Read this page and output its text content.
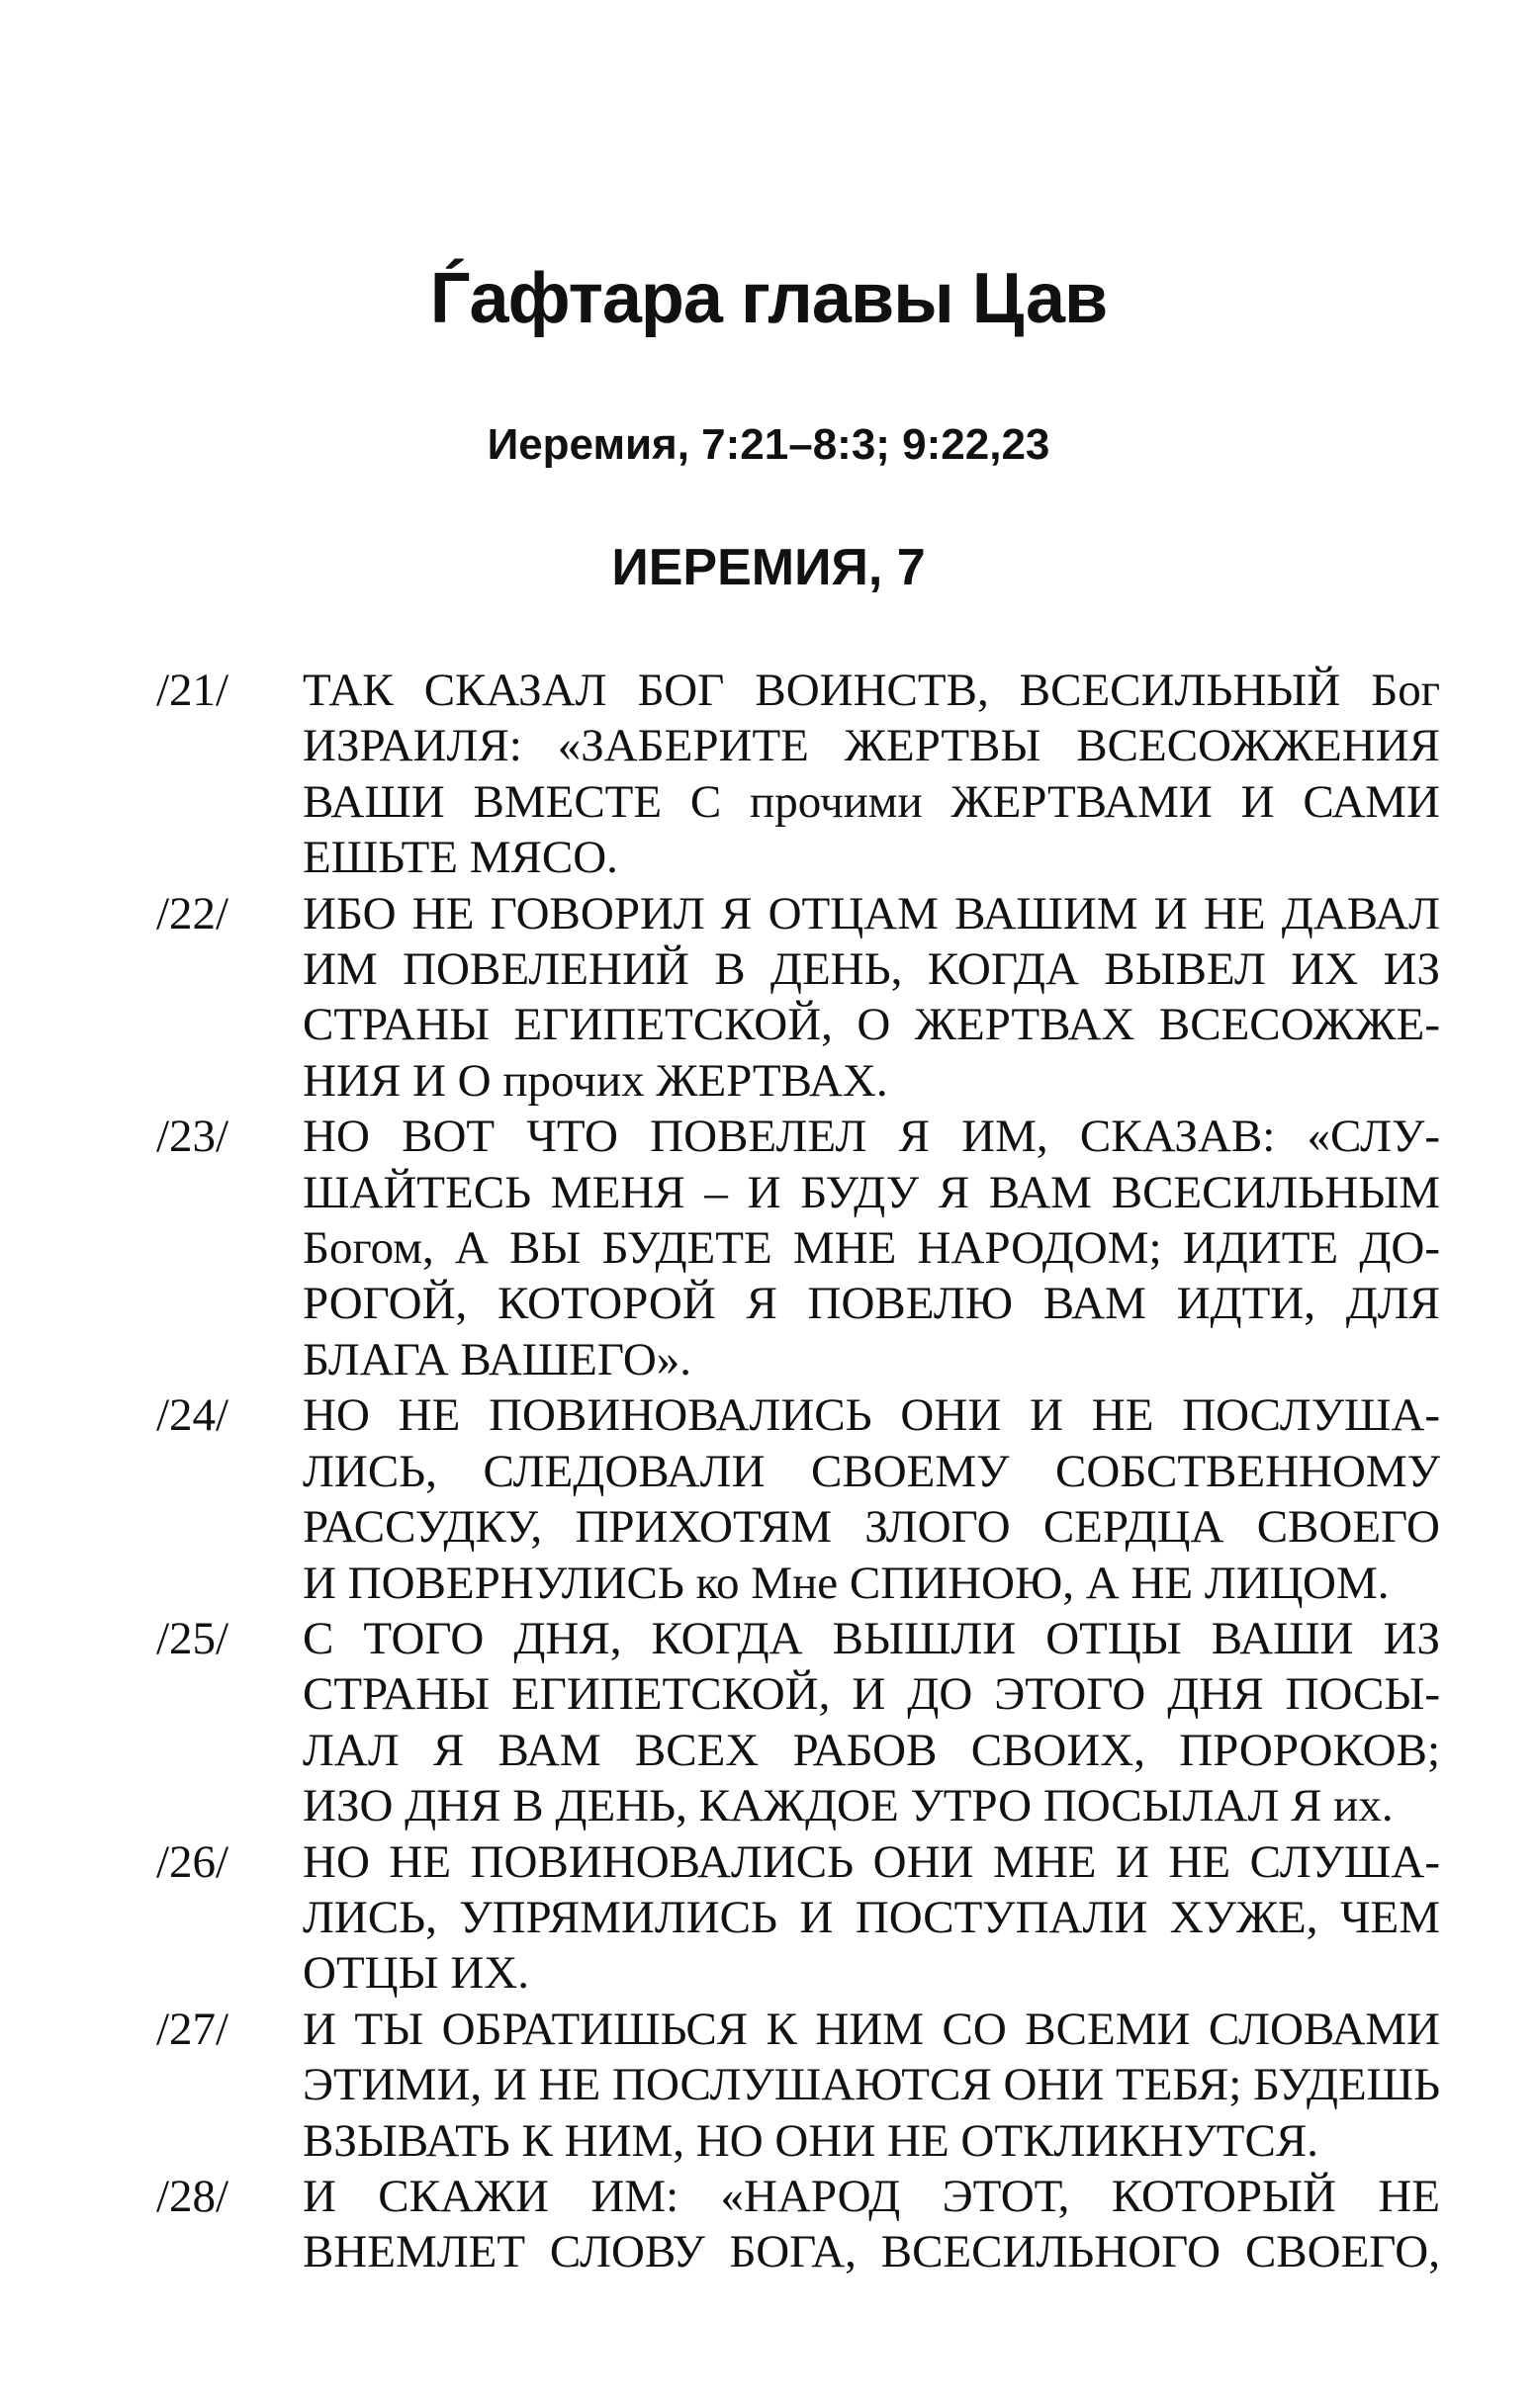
Ѓафтара главы Цав
Иеремия, 7:21–8:3; 9:22,23
ИЕРЕМИЯ, 7
/21/	ТАК СКАЗАЛ БОГ ВОИНСТВ, ВСЕСИЛЬНЫЙ Бог
ИЗРАИЛЯ: «ЗАБЕРИТЕ ЖЕРТВЫ ВСЕСОЖЖЕНИЯ
ВАШИ ВМЕСТЕ С прочими ЖЕРТВАМИ И САМИ
ЕШЬТЕ МЯСО.
/22/	ИБО НЕ ГОВОРИЛ Я ОТЦАМ ВАШИМ И НЕ ДАВАЛ
ИМ ПОВЕЛЕНИЙ В ДЕНЬ, КОГДА ВЫВЕЛ ИХ ИЗ
СТРАНЫ ЕГИПЕТСКОЙ, О ЖЕРТВАХ ВСЕСОЖЖЕ-
НИЯ И О прочих ЖЕРТВАХ.
/23/	НО ВОТ ЧТО ПОВЕЛЕЛ Я ИМ, СКАЗАВ: «СЛУ-
ШАЙТЕСЬ МЕНЯ – И БУДУ Я ВАМ ВСЕСИЛЬНЫМ
Богом, А ВЫ БУДЕТЕ МНЕ НАРОДОМ; ИДИТЕ ДО-
РОГОЙ, КОТОРОЙ Я ПОВЕЛЮ ВАМ ИДТИ, ДЛЯ
БЛАГА ВАШЕГО».
/24/	НО НЕ ПОВИНОВАЛИСЬ ОНИ И НЕ ПОСЛУША-
ЛИСЬ, СЛЕДОВАЛИ СВОЕМУ СОБСТВЕННОМУ
РАССУДКУ, ПРИХОТЯМ ЗЛОГО СЕРДЦА СВОЕГО
И ПОВЕРНУЛИСЬ ко Мне СПИНОЮ, А НЕ ЛИЦОМ.
/25/	С ТОГО ДНЯ, КОГДА ВЫШЛИ ОТЦЫ ВАШИ ИЗ
СТРАНЫ ЕГИПЕТСКОЙ, И ДО ЭТОГО ДНЯ ПОСЫ-
ЛАЛ Я ВАМ ВСЕХ РАБОВ СВОИХ, ПРОРОКОВ;
ИЗО ДНЯ В ДЕНЬ, КАЖДОЕ УТРО ПОСЫЛАЛ Я их.
/26/	НО НЕ ПОВИНОВАЛИСЬ ОНИ МНЕ И НЕ СЛУША-
ЛИСЬ, УПРЯМИЛИСЬ И ПОСТУПАЛИ ХУЖЕ, ЧЕМ
ОТЦЫ ИХ.
/27/	И ТЫ ОБРАТИШЬСЯ К НИМ СО ВСЕМИ СЛОВАМИ
ЭТИМИ, И НЕ ПОСЛУШАЮТСЯ ОНИ ТЕБЯ; БУДЕШЬ
ВЗЫВАТЬ К НИМ, НО ОНИ НЕ ОТКЛИКНУТСЯ.
/28/	И СКАЖИ ИМ: «НАРОД ЭТОТ, КОТОРЫЙ НЕ
ВНЕМЛЕТ СЛОВУ БОГА, ВСЕСИЛЬНОГО СВОЕГО,
